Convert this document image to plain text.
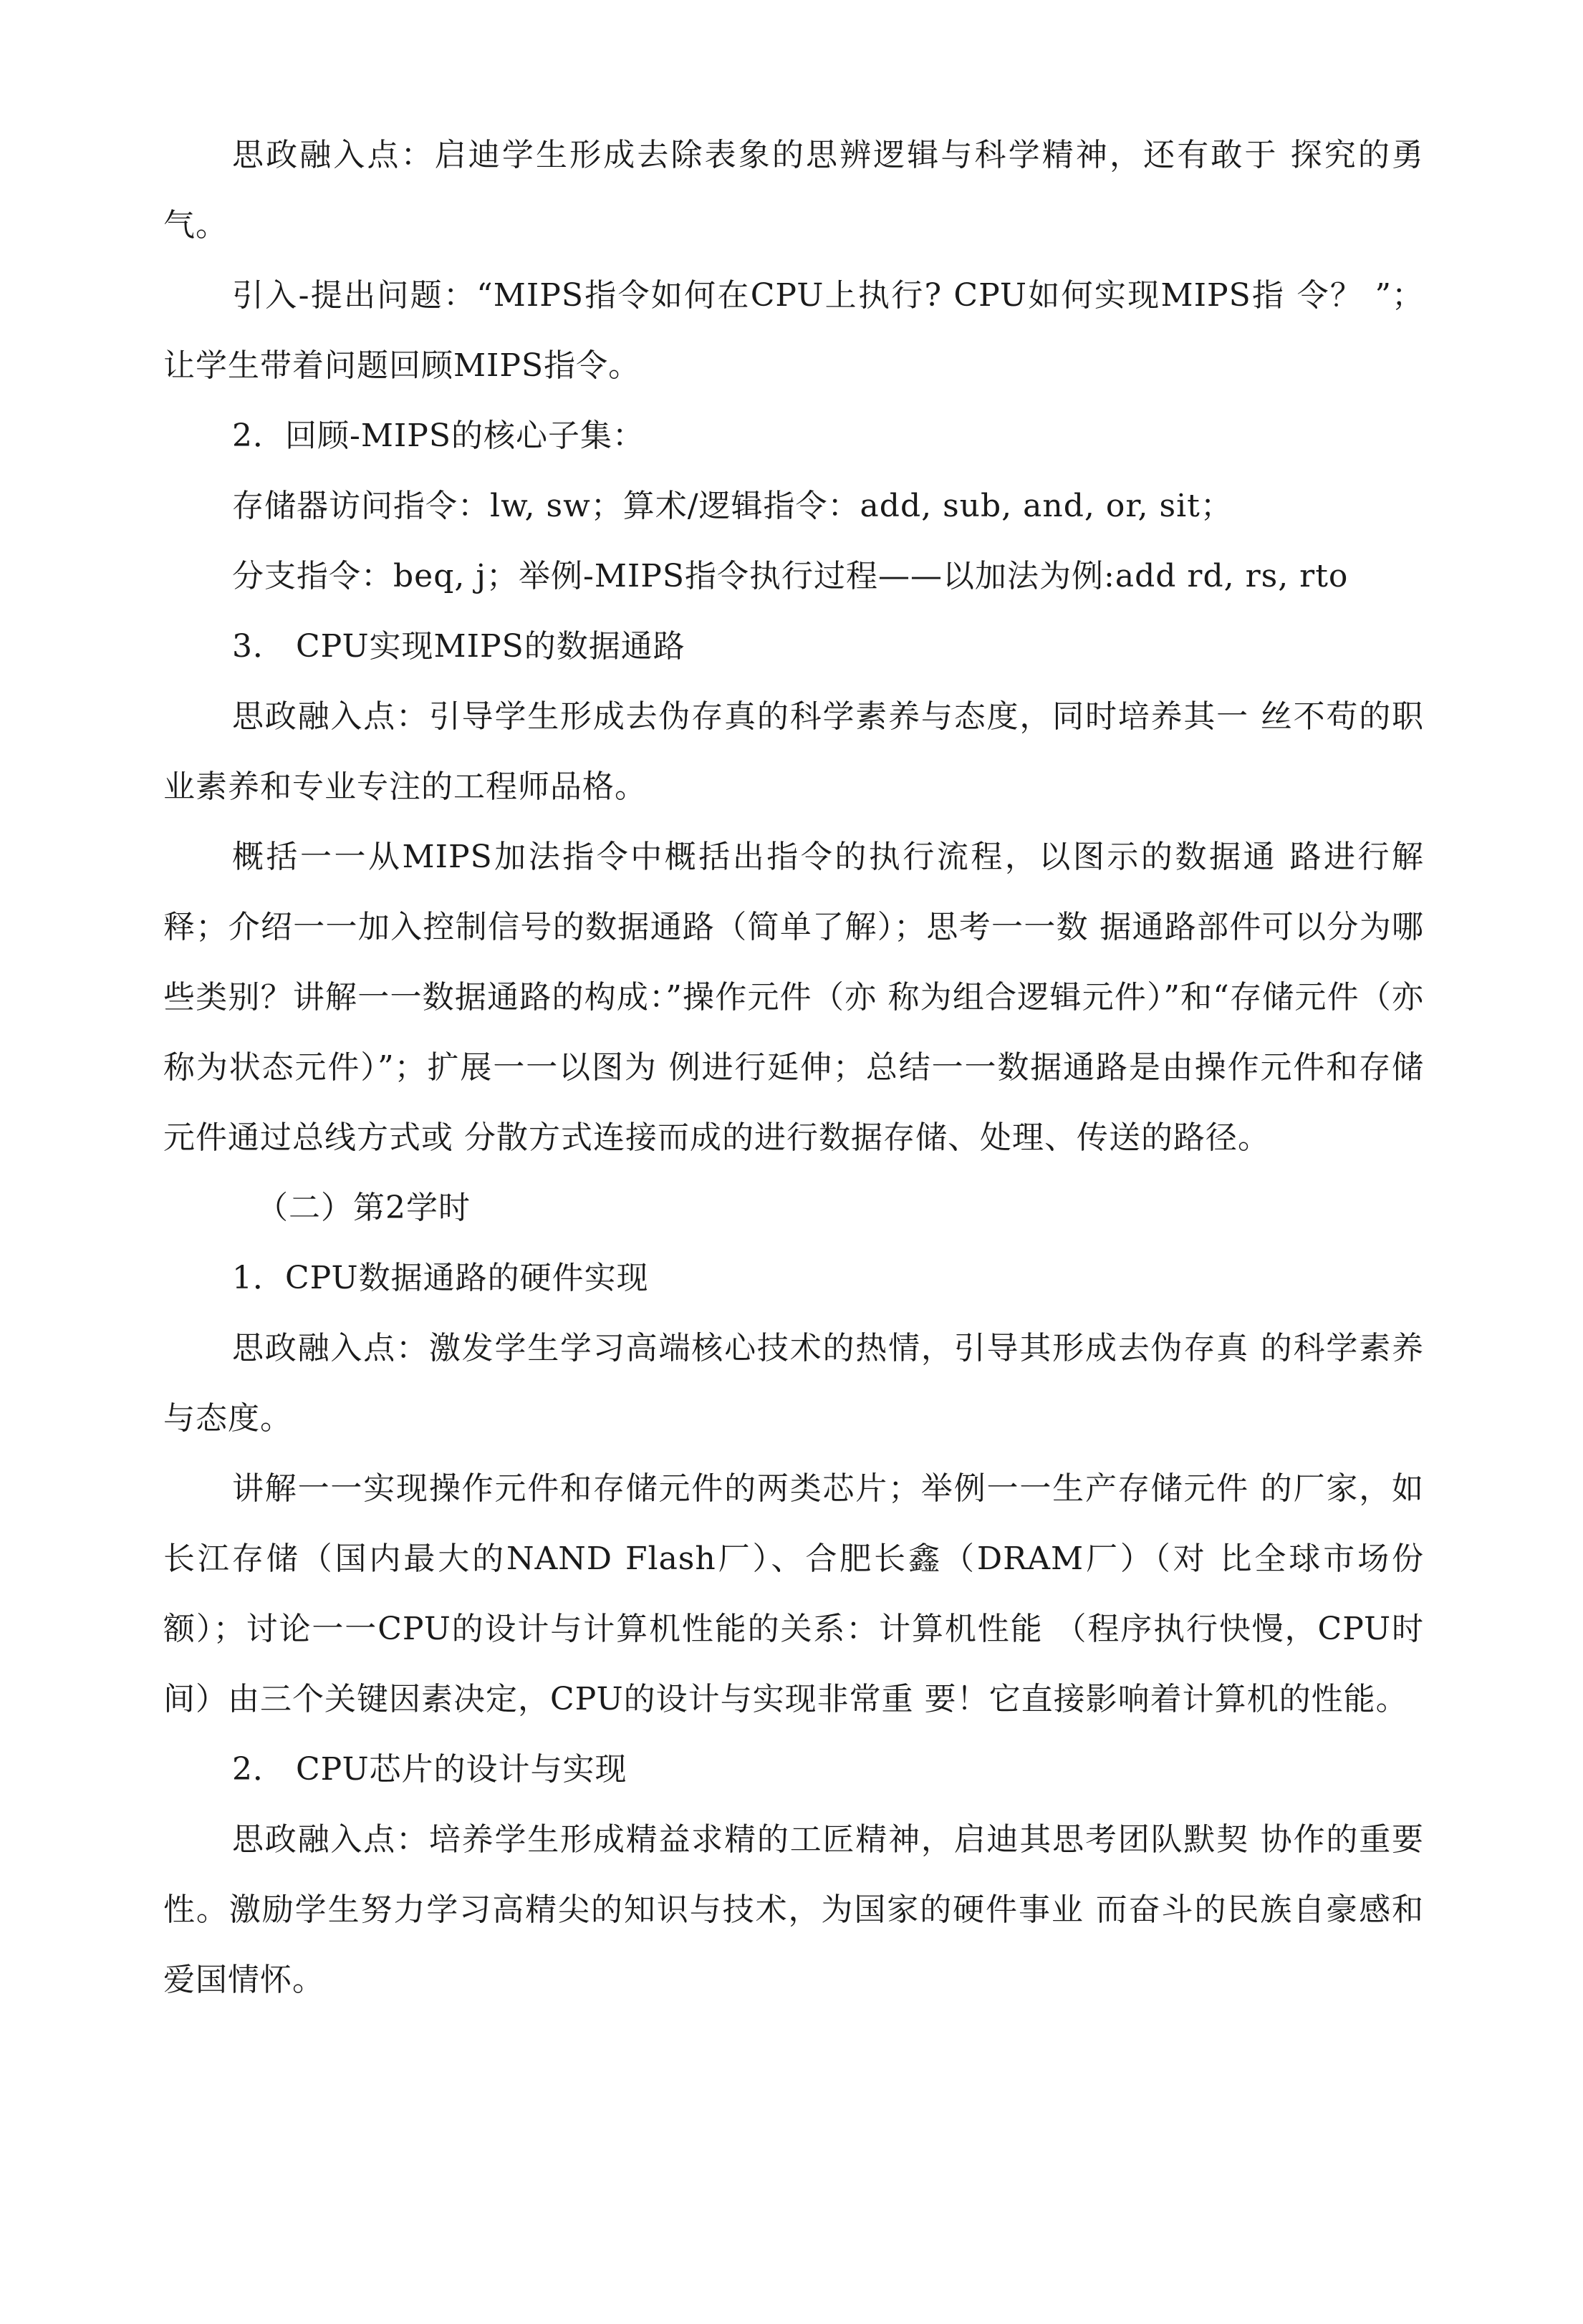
思政融入点：启迪学生形成去除表象的思辨逻辑与科学精神，还有敢于 探究的勇气。

引入-提出问题：“MIPS指令如何在CPU上执行? CPU如何实现MIPS指 令？ ”；让学生带着问题回顾MIPS指令。

2．回顾-MIPS的核心子集：

存储器访问指令：lw, sw；算术/逻辑指令：add, sub, and, or, sit；

分支指令：beq, j；举例-MIPS指令执行过程——以加法为例:add rd, rs, rto

3． CPU实现MIPS的数据通路

思政融入点：引导学生形成去伪存真的科学素养与态度，同时培养其一 丝不苟的职业素养和专业专注的工程师品格。

概括一一从MIPS加法指令中概括出指令的执行流程，以图示的数据通 路进行解释；介绍一一加入控制信号的数据通路（简单了解）；思考一一数 据通路部件可以分为哪些类别？讲解一一数据通路的构成：”操作元件（亦 称为组合逻辑元件）”和“存储元件（亦称为状态元件）”；扩展一一以图为 例进行延伸；总结一一数据通路是由操作元件和存储元件通过总线方式或 分散方式连接而成的进行数据存储、处理、传送的路径。

（二）第2学时

1．CPU数据通路的硬件实现

思政融入点：激发学生学习高端核心技术的热情，引导其形成去伪存真 的科学素养与态度。

讲解一一实现操作元件和存储元件的两类芯片；举例一一生产存储元件 的厂家，如长江存储（国内最大的NAND Flash厂）、合肥长鑫（DRAM厂）（对 比全球市场份额）；讨论一一CPU的设计与计算机性能的关系：计算机性能 （程序执行快慢，CPU时间）由三个关键因素决定，CPU的设计与实现非常重 要！它直接影响着计算机的性能。

2． CPU芯片的设计与实现

思政融入点：培养学生形成精益求精的工匠精神，启迪其思考团队默契 协作的重要性。激励学生努力学习高精尖的知识与技术，为国家的硬件事业 而奋斗的民族自豪感和爱国情怀。
